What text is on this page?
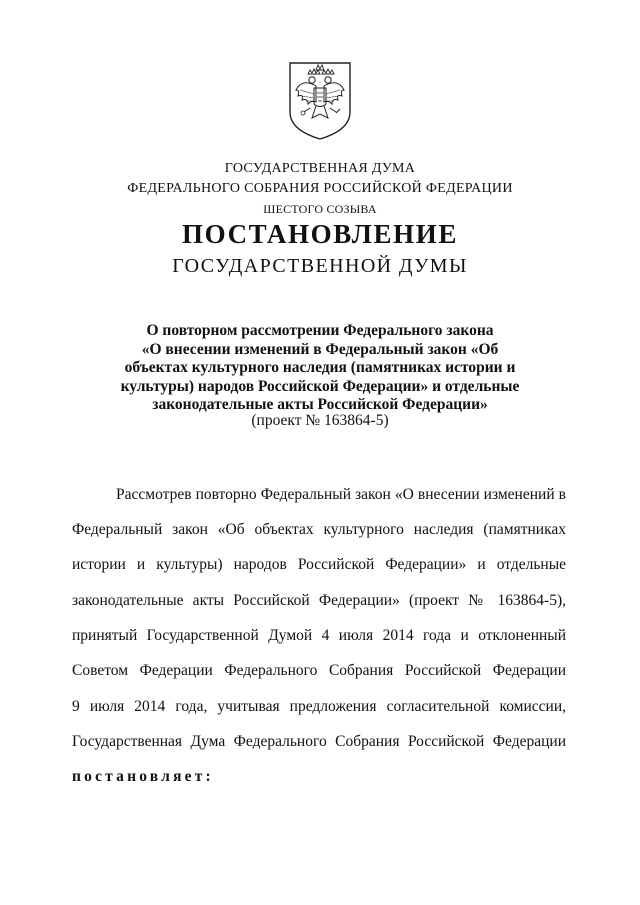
ГОСУДАРСТВЕННАЯ ДУМА
ФЕДЕРАЛЬНОГО СОБРАНИЯ РОССИЙСКОЙ ФЕДЕРАЦИИ
ШЕСТОГО СОЗЫВА
ПОСТАНОВЛЕНИЕ
ГОСУДАРСТВЕННОЙ ДУМЫ
О повторном рассмотрении Федерального закона
«О внесении изменений в Федеральный закон «Об
объектах культурного наследия (памятниках истории и
культуры) народов Российской Федерации» и отдельные
законодательные акты Российской Федерации»
(проект № 163864-5)
Рассмотрев повторно Федеральный закон «О внесении изменений в
Федеральный закон «Об объектах культурного наследия (памятниках
истории и культуры) народов Российской Федерации» и отдельные
законодательные акты Российской Федерации» (проект № 163864-5),
принятый Государственной Думой 4 июля 2014 года и отклоненный
Советом Федерации Федерального Собрания Российской Федерации
9 июля 2014 года, учитывая предложения согласительной комиссии,
Государственная Дума Федерального Собрания Российской Федерации
постановляет:
